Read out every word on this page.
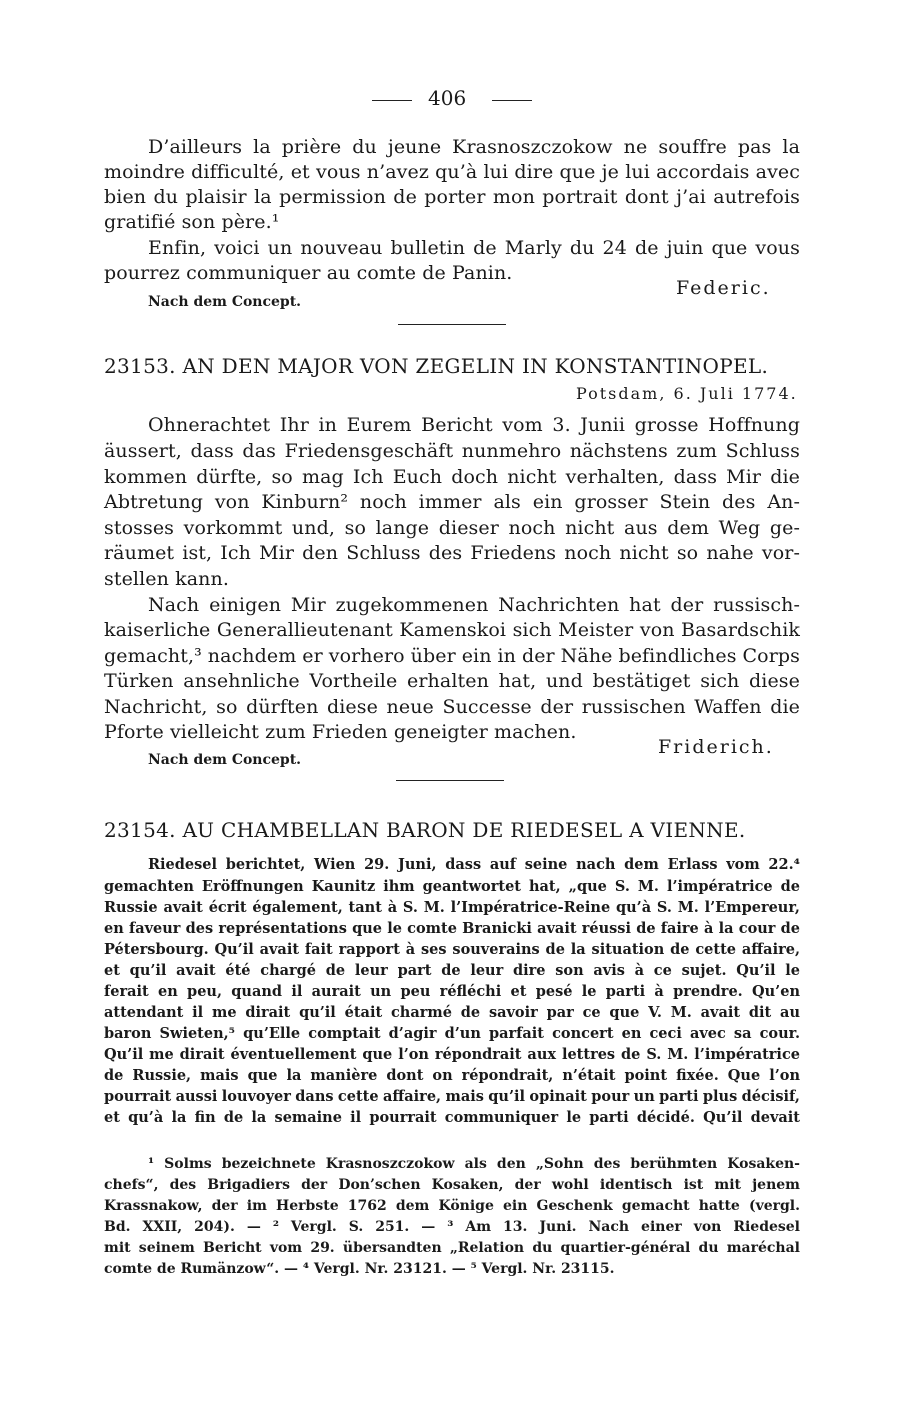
406
D’ailleurs la prière du jeune Krasnoszczokow ne souffre pas la
moindre difficulté, et vous n’avez qu’à lui dire que je lui accordais avec
bien du plaisir la permission de porter mon portrait dont j’ai autrefois
gratifié son père.¹
Enfin, voici un nouveau bulletin de Marly du 24 de juin que vous
pourrez communiquer au comte de Panin.
Federic.
Nach dem Concept.
23153. AN DEN MAJOR VON ZEGELIN IN KONSTANTINOPEL.
Potsdam, 6. Juli 1774.
Ohnerachtet Ihr in Eurem Bericht vom 3. Junii grosse Hoffnung
äussert, dass das Friedensgeschäft nunmehro nächstens zum Schluss
kommen dürfte, so mag Ich Euch doch nicht verhalten, dass Mir die
Abtretung von Kinburn² noch immer als ein grosser Stein des An-
stosses vorkommt und, so lange dieser noch nicht aus dem Weg ge-
räumet ist, Ich Mir den Schluss des Friedens noch nicht so nahe vor-
stellen kann.
Nach einigen Mir zugekommenen Nachrichten hat der russisch-
kaiserliche Generallieutenant Kamenskoi sich Meister von Basardschik
gemacht,³ nachdem er vorhero über ein in der Nähe befindliches Corps
Türken ansehnliche Vortheile erhalten hat, und bestätiget sich diese
Nachricht, so dürften diese neue Successe der russischen Waffen die
Pforte vielleicht zum Frieden geneigter machen.
Friderich.
Nach dem Concept.
23154. AU CHAMBELLAN BARON DE RIEDESEL A VIENNE.
Riedesel berichtet, Wien 29. Juni, dass auf seine nach dem Erlass vom 22.⁴
gemachten Eröffnungen Kaunitz ihm geantwortet hat, „que S. M. l’impératrice de
Russie avait écrit également, tant à S. M. l’Impératrice-Reine qu’à S. M. l’Empereur,
en faveur des représentations que le comte Branicki avait réussi de faire à la cour de
Pétersbourg. Qu’il avait fait rapport à ses souverains de la situation de cette affaire,
et qu’il avait été chargé de leur part de leur dire son avis à ce sujet. Qu’il le
ferait en peu, quand il aurait un peu réfléchi et pesé le parti à prendre. Qu’en
attendant il me dirait qu’il était charmé de savoir par ce que V. M. avait dit au
baron Swieten,⁵ qu’Elle comptait d’agir d’un parfait concert en ceci avec sa cour.
Qu’il me dirait éventuellement que l’on répondrait aux lettres de S. M. l’impératrice
de Russie, mais que la manière dont on répondrait, n’était point fixée. Que l’on
pourrait aussi louvoyer dans cette affaire, mais qu’il opinait pour un parti plus décisif,
et qu’à la fin de la semaine il pourrait communiquer le parti décidé. Qu’il devait
¹ Solms bezeichnete Krasnoszczokow als den „Sohn des berühmten Kosaken-
chefs“, des Brigadiers der Don’schen Kosaken, der wohl identisch ist mit jenem
Krassnakow, der im Herbste 1762 dem Könige ein Geschenk gemacht hatte (vergl.
Bd. XXII, 204). — ² Vergl. S. 251. — ³ Am 13. Juni. Nach einer von Riedesel
mit seinem Bericht vom 29. übersandten „Relation du quartier-général du maréchal
comte de Rumänzow“. — ⁴ Vergl. Nr. 23121. — ⁵ Vergl. Nr. 23115.
